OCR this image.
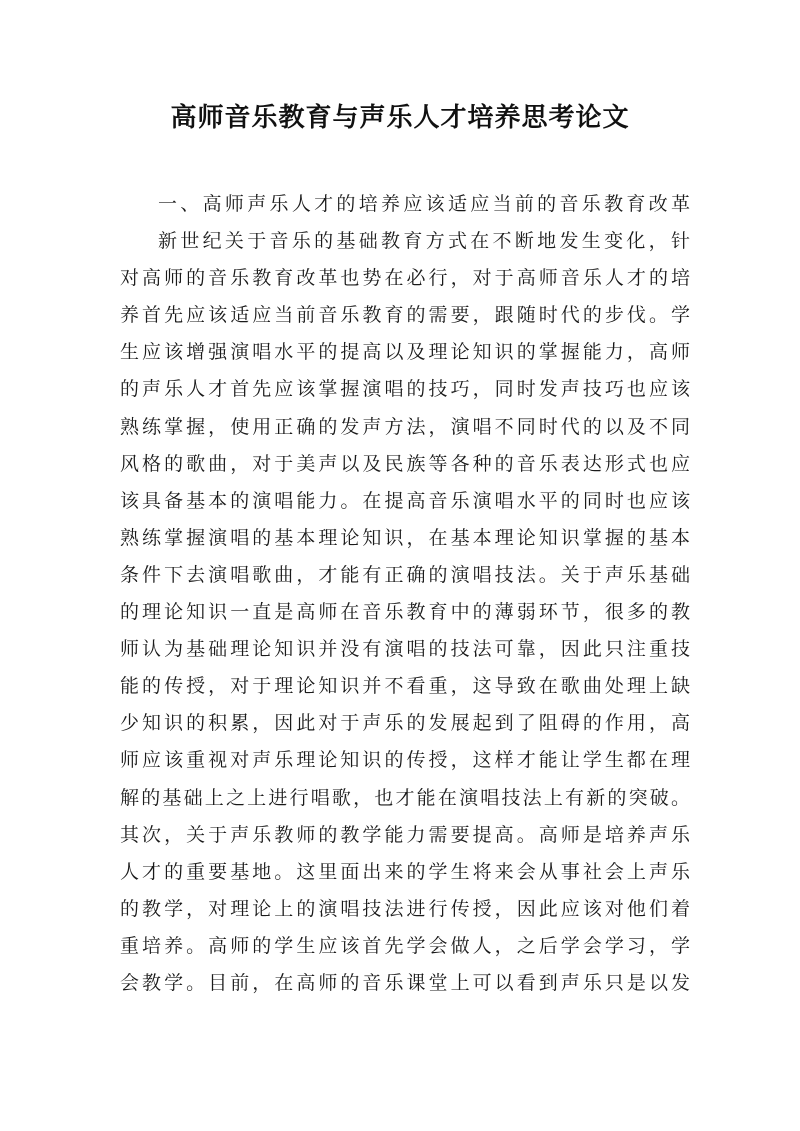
高师音乐教育与声乐人才培养思考论文
一、高师声乐人才的培养应该适应当前的音乐教育改革
新世纪关于音乐的基础教育方式在不断地发生变化，针
对高师的音乐教育改革也势在必行，对于高师音乐人才的培
养首先应该适应当前音乐教育的需要，跟随时代的步伐。学
生应该增强演唱水平的提高以及理论知识的掌握能力，高师
的声乐人才首先应该掌握演唱的技巧，同时发声技巧也应该
熟练掌握，使用正确的发声方法，演唱不同时代的以及不同
风格的歌曲，对于美声以及民族等各种的音乐表达形式也应
该具备基本的演唱能力。在提高音乐演唱水平的同时也应该
熟练掌握演唱的基本理论知识，在基本理论知识掌握的基本
条件下去演唱歌曲，才能有正确的演唱技法。关于声乐基础
的理论知识一直是高师在音乐教育中的薄弱环节，很多的教
师认为基础理论知识并没有演唱的技法可靠，因此只注重技
能的传授，对于理论知识并不看重，这导致在歌曲处理上缺
少知识的积累，因此对于声乐的发展起到了阻碍的作用，高
师应该重视对声乐理论知识的传授，这样才能让学生都在理
解的基础上之上进行唱歌，也才能在演唱技法上有新的突破。
其次，关于声乐教师的教学能力需要提高。高师是培养声乐
人才的重要基地。这里面出来的学生将来会从事社会上声乐
的教学，对理论上的演唱技法进行传授，因此应该对他们着
重培养。高师的学生应该首先学会做人，之后学会学习，学
会教学。目前，在高师的音乐课堂上可以看到声乐只是以发
